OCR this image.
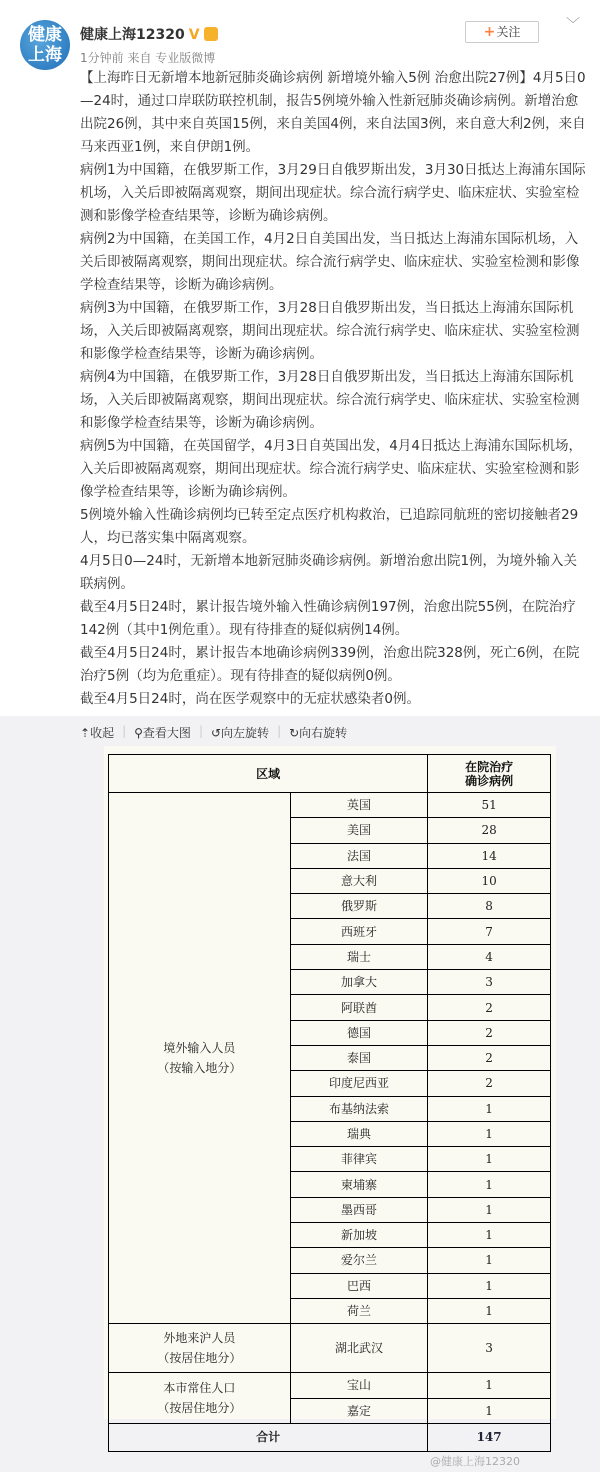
健康
上海
健康上海12320 V
1分钟前 来自 专业版微博
+关注	﹀

【上海昨日无新增本地新冠肺炎确诊病例 新增境外输入5例 治愈出院27例】4月5日0—24时，通过口岸联防联控机制，报告5例境外输入性新冠肺炎确诊病例。新增治愈出院26例，其中来自英国15例，来自美国4例，来自法国3例，来自意大利2例，来自马来西亚1例，来自伊朗1例。

病例1为中国籍，在俄罗斯工作，3月29日自俄罗斯出发，3月30日抵达上海浦东国际机场，入关后即被隔离观察，期间出现症状。综合流行病学史、临床症状、实验室检测和影像学检查结果等，诊断为确诊病例。

病例2为中国籍，在美国工作，4月2日自美国出发，当日抵达上海浦东国际机场，入关后即被隔离观察，期间出现症状。综合流行病学史、临床症状、实验室检测和影像学检查结果等，诊断为确诊病例。

病例3为中国籍，在俄罗斯工作，3月28日自俄罗斯出发，当日抵达上海浦东国际机场，入关后即被隔离观察，期间出现症状。综合流行病学史、临床症状、实验室检测和影像学检查结果等，诊断为确诊病例。

病例4为中国籍，在俄罗斯工作，3月28日自俄罗斯出发，当日抵达上海浦东国际机场，入关后即被隔离观察，期间出现症状。综合流行病学史、临床症状、实验室检测和影像学检查结果等，诊断为确诊病例。

病例5为中国籍，在英国留学，4月3日自英国出发，4月4日抵达上海浦东国际机场，入关后即被隔离观察，期间出现症状。综合流行病学史、临床症状、实验室检测和影像学检查结果等，诊断为确诊病例。

5例境外输入性确诊病例均已转至定点医疗机构救治，已追踪同航班的密切接触者29人，均已落实集中隔离观察。

4月5日0—24时，无新增本地新冠肺炎确诊病例。新增治愈出院1例，为境外输入关联病例。

截至4月5日24时，累计报告境外输入性确诊病例197例，治愈出院55例，在院治疗142例（其中1例危重）。现有待排查的疑似病例14例。

截至4月5日24时，累计报告本地确诊病例339例，治愈出院328例，死亡6例，在院治疗5例（均为危重症）。现有待排查的疑似病例0例。

截至4月5日24时，尚在医学观察中的无症状感染者0例。

⇡收起 | ⚲查看大图 | ↺向左旋转 | ↻向右旋转
区域		在院治疗
确诊病例
境外输入人员
（按输入地分）	英国	51
	美国	28
	法国	14
	意大利	10
	俄罗斯	8
	西班牙	7
	瑞士	4
	加拿大	3
	阿联酋	2
	德国	2
	泰国	2
	印度尼西亚	2
	布基纳法索	1
	瑞典	1
	菲律宾	1
	柬埔寨	1
	墨西哥	1
	新加坡	1
	爱尔兰	1
	巴西	1
	荷兰	1
外地来沪人员
（按居住地分）	湖北武汉	3
本市常住人口
（按居住地分）	宝山	1
	嘉定	1
合计		147
@健康上海12320
